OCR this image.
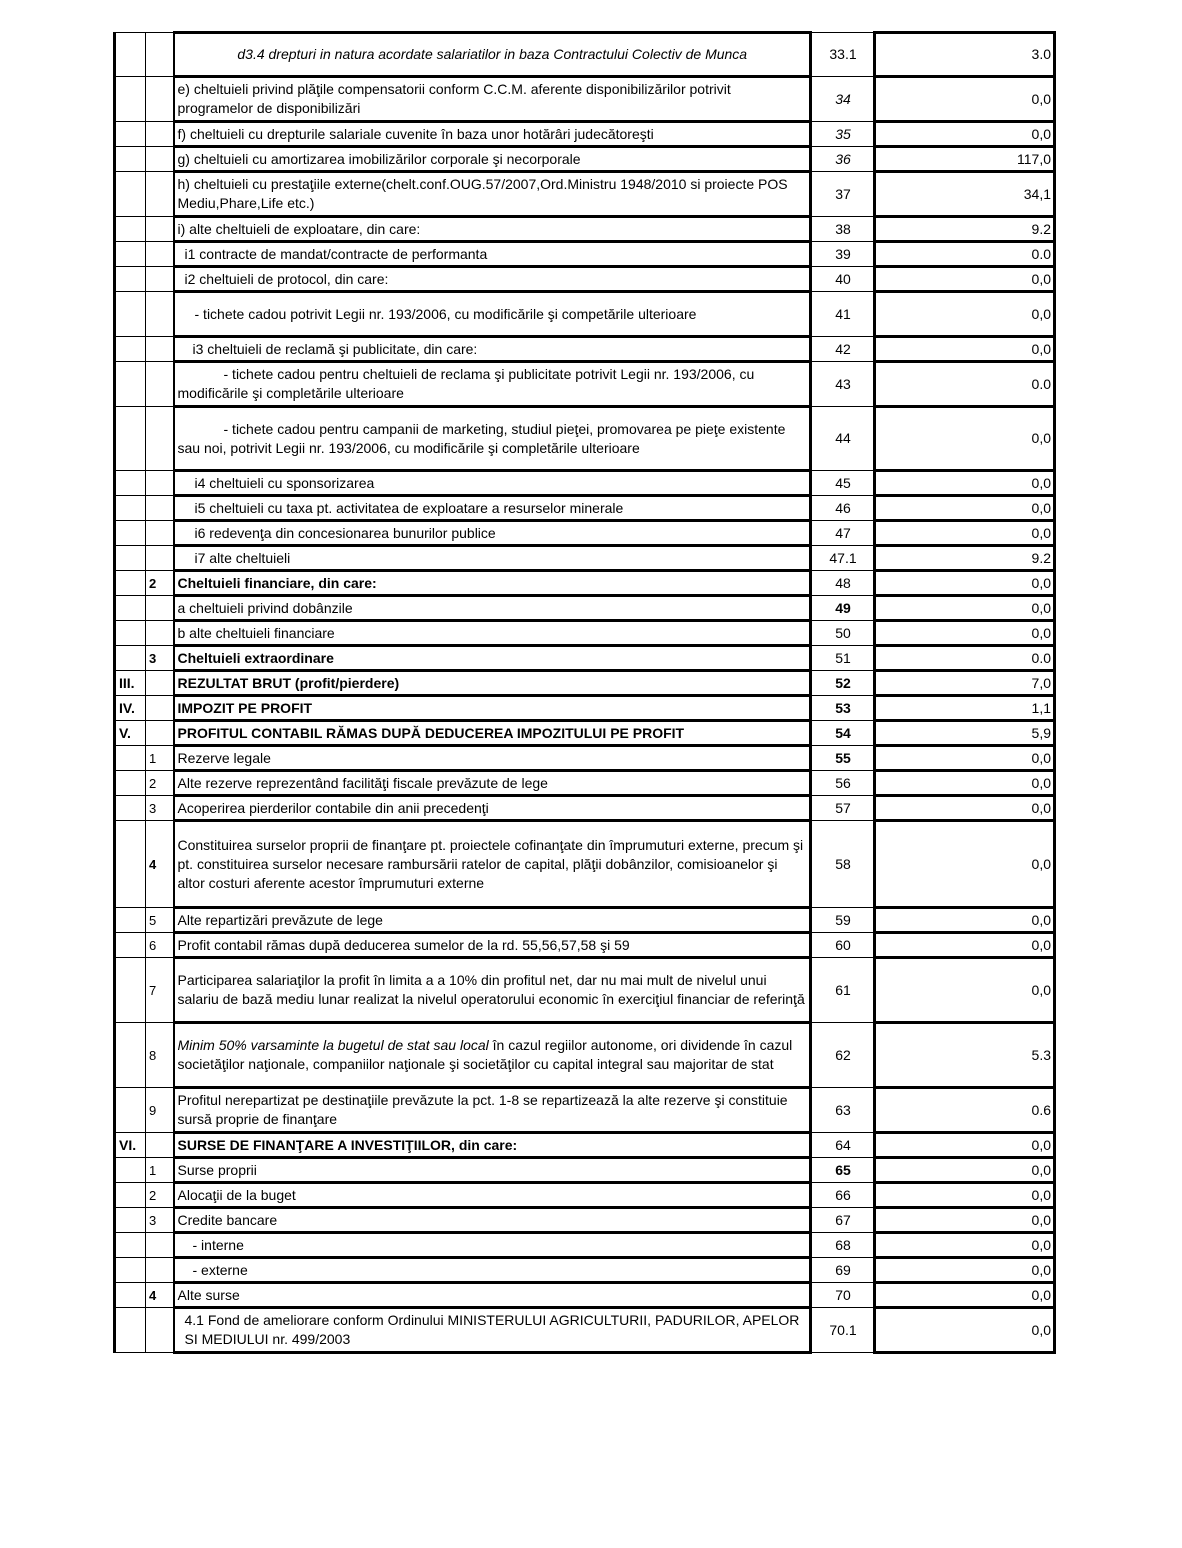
		d3.4 drepturi in natura acordate salariatilor in baza Contractului Colectiv de Munca	33.1	3.0
		e) cheltuieli privind plăţile compensatorii conform C.C.M. aferente disponibilizărilor potrivit programelor de disponibilizări	34	0,0
		f) cheltuieli cu drepturile salariale cuvenite în baza unor hotărâri judecătoreşti	35	0,0
		g) cheltuieli cu amortizarea imobilizărilor corporale şi necorporale	36	117,0
		h) cheltuieli cu prestaţiile externe(chelt.conf.OUG.57/2007,Ord.Ministru 1948/2010 si proiecte POS Mediu,Phare,Life etc.)	37	34,1
		i) alte cheltuieli de exploatare, din care:	38	9.2
		i1 contracte de mandat/contracte de performanta	39	0.0
		i2 cheltuieli de protocol, din care:	40	0,0
		- tichete cadou potrivit Legii nr. 193/2006, cu modificările şi competările ulterioare	41	0,0
		i3 cheltuieli de reclamă şi publicitate, din care:	42	0,0
		- tichete cadou pentru cheltuieli de reclama şi publicitate potrivit Legii nr. 193/2006, cu modificările şi completările ulterioare	43	0.0
		- tichete cadou pentru campanii de marketing, studiul pieţei, promovarea pe pieţe existente sau noi, potrivit Legii nr. 193/2006, cu modificările şi completările ulterioare	44	0,0
		i4 cheltuieli cu sponsorizarea	45	0,0
		i5 cheltuieli cu taxa pt. activitatea de exploatare a resurselor minerale	46	0,0
		i6 redevenţa din concesionarea bunurilor publice	47	0,0
		i7 alte cheltuieli	47.1	9.2
	2	Cheltuieli financiare, din care:	48	0,0
		a cheltuieli privind dobânzile	49	0,0
		b alte cheltuieli financiare	50	0,0
	3	Cheltuieli extraordinare	51	0.0
III.		REZULTAT BRUT (profit/pierdere)	52	7,0
IV.		IMPOZIT PE PROFIT	53	1,1
V.		PROFITUL CONTABIL RĂMAS DUPĂ DEDUCEREA IMPOZITULUI PE PROFIT	54	5,9
	1	Rezerve legale	55	0,0
	2	Alte rezerve reprezentând facilităţi fiscale prevăzute de lege	56	0,0
	3	Acoperirea pierderilor contabile din anii precedenţi	57	0,0
	4	Constituirea surselor proprii de finanţare pt. proiectele cofinanţate din împrumuturi externe, precum şi pt. constituirea surselor necesare rambursării ratelor de capital, plăţii dobânzilor, comisioanelor şi altor costuri aferente acestor împrumuturi externe	58	0,0
	5	Alte repartizări prevăzute de lege	59	0,0
	6	Profit contabil rămas după deducerea sumelor de la rd. 55,56,57,58 şi 59	60	0,0
	7	Participarea salariaţilor la profit în limita a a 10% din profitul net, dar nu mai mult de nivelul unui salariu de bază mediu lunar realizat la nivelul operatorului economic în exerciţiul financiar de referinţă	61	0,0
	8	Minim 50% varsaminte la bugetul de stat sau local în cazul regiilor autonome, ori dividende în cazul societăţilor naţionale, companiilor naţionale şi societăţilor cu capital integral sau majoritar de stat	62	5.3
	9	Profitul nerepartizat pe destinaţiile prevăzute la pct. 1-8 se repartizează la alte rezerve şi constituie sursă proprie de finanţare	63	0.6
VI.		SURSE DE FINANŢARE A INVESTIŢIILOR, din care:	64	0,0
	1	Surse proprii	65	0,0
	2	Alocaţii de la buget	66	0,0
	3	Credite bancare	67	0,0
		- interne	68	0,0
		- externe	69	0,0
	4	Alte surse	70	0,0
		4.1 Fond de ameliorare conform Ordinului MINISTERULUI AGRICULTURII, PADURILOR, APELOR SI MEDIULUI nr. 499/2003	70.1	0,0
